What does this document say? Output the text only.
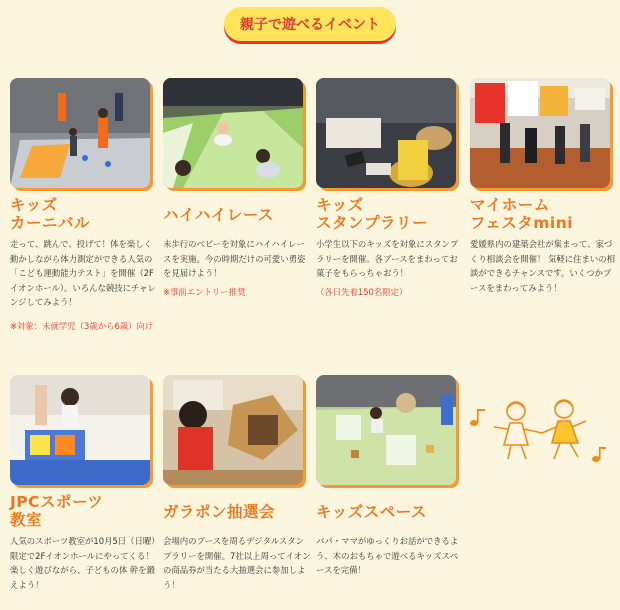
親子で遊べるイベント
キッズ
カーニバル
走って、跳んで、投げて！体を楽しく動かしながら体力測定ができる人気の「こども運動能力テスト」を開催（2Fイオンホール）。いろんな競技にチャレンジしてみよう！
※対象：未就学児（3歳から6歳）向け
ハイハイレース
未歩行のベビーを対象にハイハイレースを実施。今の時期だけの可愛い勇姿を見届けよう！
※事前エントリー推奨
キッズ
スタンプラリー
小学生以下のキッズを対象にスタンプラリーを開催。各ブースをまわってお菓子をもらっちゃおう！
（各日先着150名限定）
マイホーム
フェスタmini
愛媛県内の建築会社が集まって、家づくり相談会を開催！ 気軽に住まいの相談ができるチャンスです。いくつかブースをまわってみよう！
JPCスポーツ
教室
人気のスポーツ教室が10月5日（日曜）限定で2Fイオンホールにやってくる！楽しく遊びながら、子どもの体 幹を鍛えよう！
ガラポン抽選会
会場内のブースを周るデジタルスタンプラリーを開催。7社以上周ってイオンの商品券が当たる大抽選会に参加しよう！
キッズスペース
パパ・ママがゆっくりお話ができるよう、木のおもちゃで遊べるキッズスペースを完備！
